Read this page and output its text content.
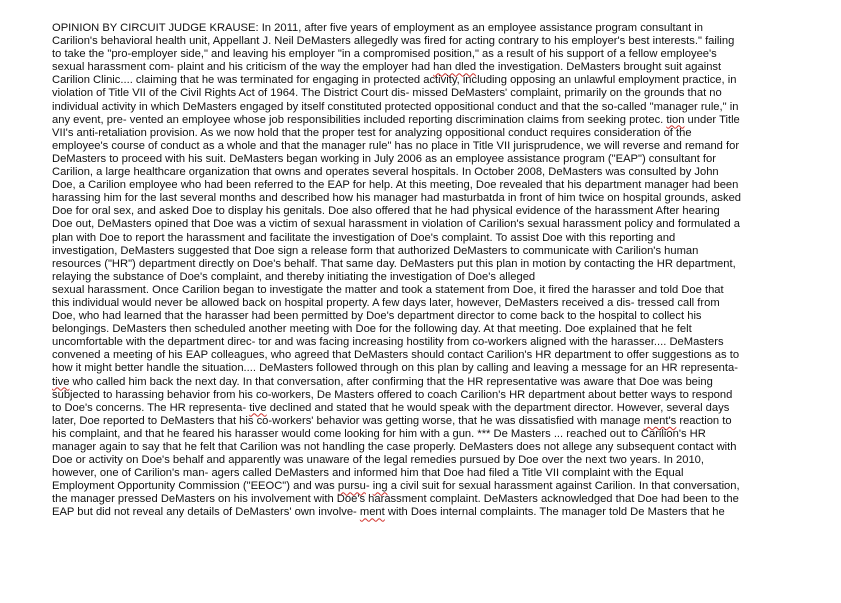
OPINION BY CIRCUIT JUDGE KRAUSE: In 2011, after five years of employment as an employee assistance program consultant in
Carilion's behavioral health unit, Appellant J. Neil DeMasters allegedly was fired for acting contrary to his employer's best interests." failing
to take the "pro-employer side," and leaving his employer "in a compromised position," as a result of his support of a fellow employee's
sexual harassment com- plaint and his criticism of the way the employer had han dled the investigation. DeMasters brought suit against
Carilion Clinic.... claiming that he was terminated for engaging in protected activity, including opposing an unlawful employment practice, in
violation of Title VII of the Civil Rights Act of 1964. The District Court dis- missed DeMasters' complaint, primarily on the grounds that no
individual activity in which DeMasters engaged by itself constituted protected oppositional conduct and that the so-called "manager rule," in
any event, pre- vented an employee whose job responsibilities included reporting discrimination claims from seeking protec. tion under Title
VII's anti-retaliation provision. As we now hold that the proper test for analyzing oppositional conduct requires consideration of the
employee's course of conduct as a whole and that the manager rule" has no place in Title VII jurisprudence, we will reverse and remand for
DeMasters to proceed with his suit. DeMasters began working in July 2006 as an employee assistance program ("EAP") consultant for
Carilion, a large healthcare organization that owns and operates several hospitals. In October 2008, DeMasters was consulted by John
Doe, a Carilion employee who had been referred to the EAP for help. At this meeting, Doe revealed that his department manager had been
harassing him for the last several months and described how his manager had masturbatda in front of him twice on hospital grounds, asked
Doe for oral sex, and asked Doe to display his genitals. Doe also offered that he had physical evidence of the harassment After hearing
Doe out, DeMasters opined that Doe was a victim of sexual harassment in violation of Carilion's sexual harassment policy and formulated a
plan with Doe to report the harassment and facilitate the investigation of Doe's complaint. To assist Doe with this reporting and
investigation, DeMasters suggested that Doe sign a release form that authorized DeMasters to communicate with Carilion's human
resources ("HR") department directly on Doe's behalf. That same day. DeMasters put this plan in motion by contacting the HR department,
relaying the substance of Doe's complaint, and thereby initiating the investigation of Doe's alleged
sexual harassment. Once Carilion began to investigate the matter and took a statement from Doe, it fired the harasser and told Doe that
this individual would never be allowed back on hospital property. A few days later, however, DeMasters received a dis- tressed call from
Doe, who had learned that the harasser had been permitted by Doe's department director to come back to the hospital to collect his
belongings. DeMasters then scheduled another meeting with Doe for the following day. At that meeting. Doe explained that he felt
uncomfortable with the department direc- tor and was facing increasing hostility from co-workers aligned with the harasser.... DeMasters
convened a meeting of his EAP colleagues, who agreed that DeMasters should contact Carilion's HR department to offer suggestions as to
how it might better handle the situation.... DeMasters followed through on this plan by calling and leaving a message for an HR representa-
tive who called him back the next day. In that conversation, after confirming that the HR representative was aware that Doe was being
subjected to harassing behavior from his co-workers, De Masters offered to coach Carilion's HR department about better ways to respond
to Doe's concerns. The HR representa- tive declined and stated that he would speak with the department director. However, several days
later, Doe reported to DeMasters that his co-workers' behavior was getting worse, that he was dissatisfied with manage ment's reaction to
his complaint, and that he feared his harasser would come looking for him with a gun. *** De Masters ... reached out to Carilion's HR
manager again to say that he felt that Carilion was not handling the case properly. DeMasters does not allege any subsequent contact with
Doe or activity on Doe's behalf and apparently was unaware of the legal remedies pursued by Doe over the next two years. In 2010,
however, one of Carilion's man- agers called DeMasters and informed him that Doe had filed a Title VII complaint with the Equal
Employment Opportunity Commission ("EEOC") and was pursu- ing a civil suit for sexual harassment against Carilion. In that conversation,
the manager pressed DeMasters on his involvement with Doe's harassment complaint. DeMasters acknowledged that Doe had been to the
EAP but did not reveal any details of DeMasters' own involve- ment with Does internal complaints. The manager told De Masters that he
